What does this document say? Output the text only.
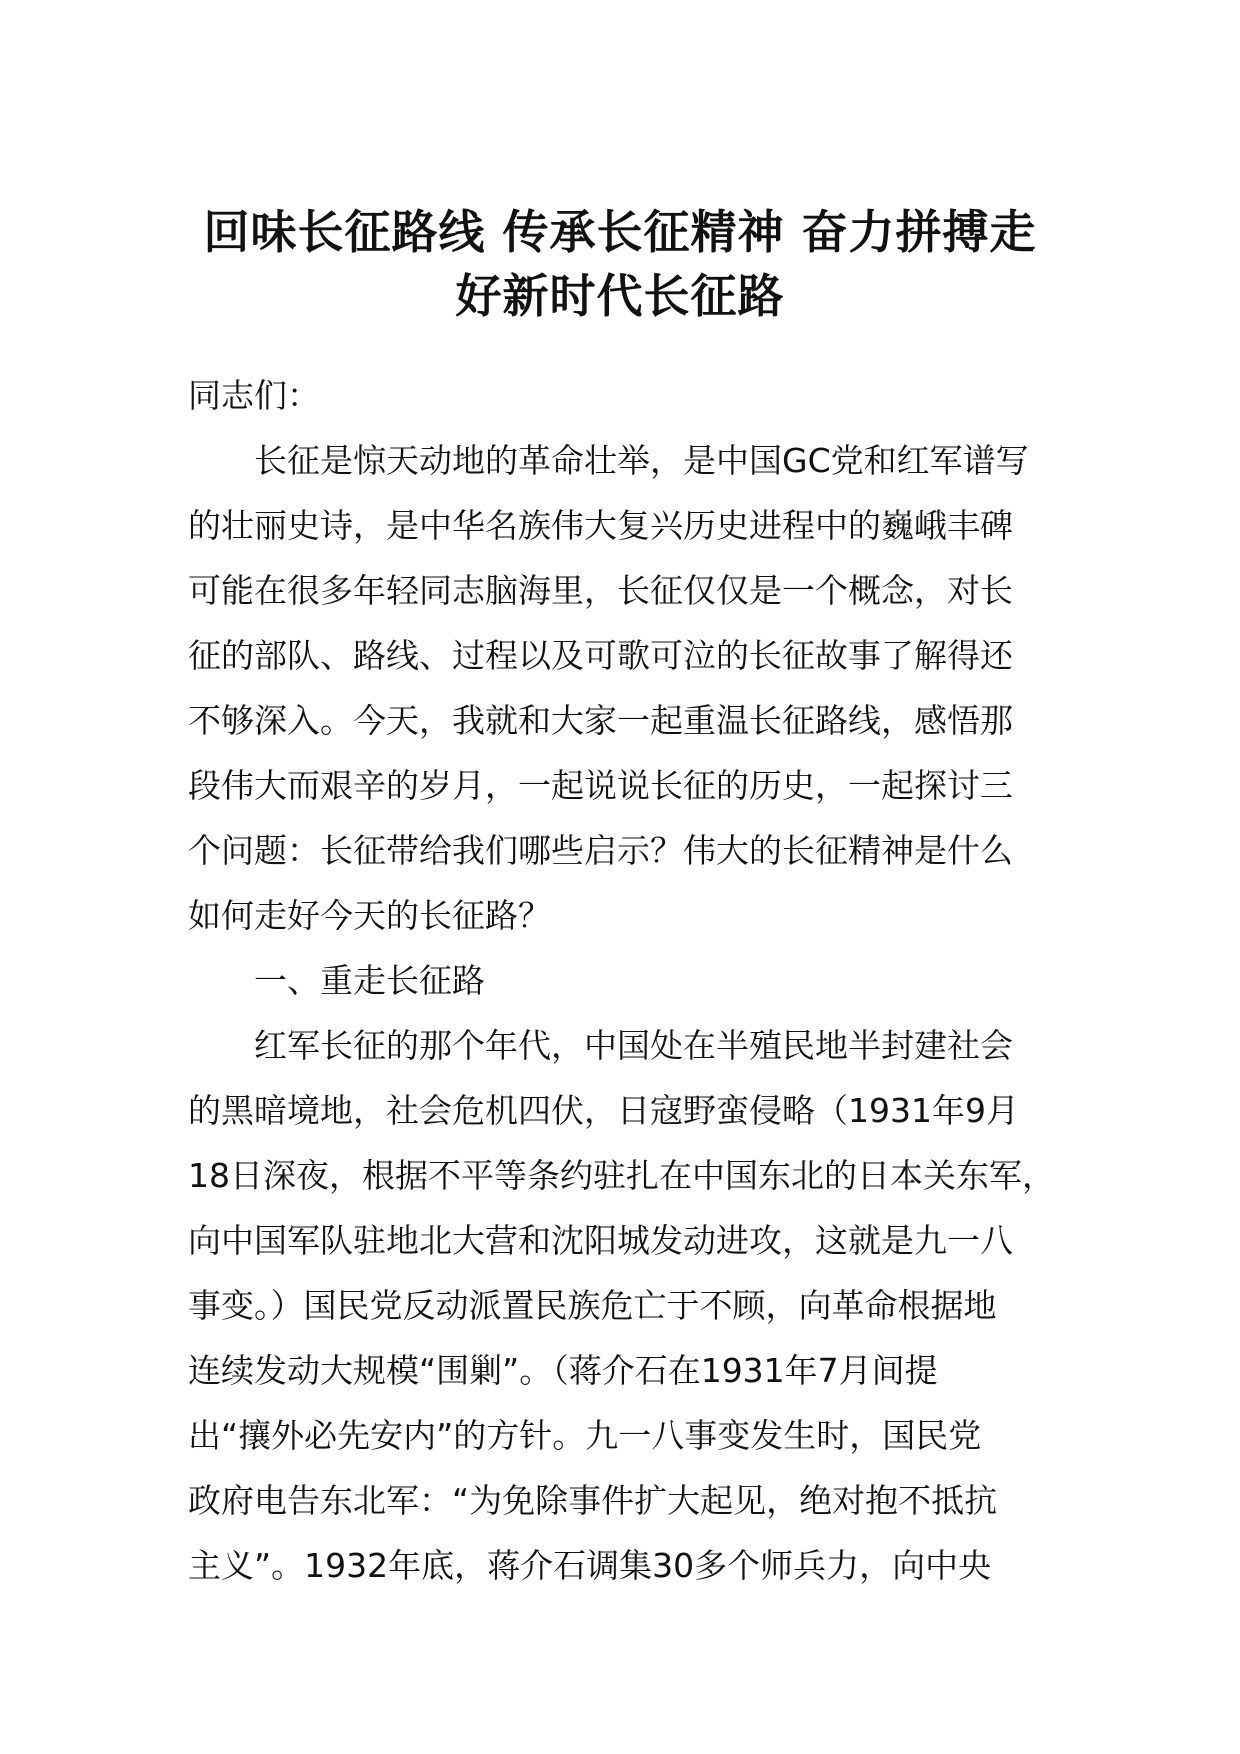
回味长征路线 传承长征精神 奋力拼搏走
好新时代长征路
同志们：
　　长征是惊天动地的革命壮举，是中国GC党和红军谱写
的壮丽史诗，是中华名族伟大复兴历史进程中的巍峨丰碑
可能在很多年轻同志脑海里，长征仅仅是一个概念，对长
征的部队、路线、过程以及可歌可泣的长征故事了解得还
不够深入。今天，我就和大家一起重温长征路线，感悟那
段伟大而艰辛的岁月，一起说说长征的历史，一起探讨三
个问题：长征带给我们哪些启示？伟大的长征精神是什么
如何走好今天的长征路？
　　一、重走长征路
　　红军长征的那个年代，中国处在半殖民地半封建社会
的黑暗境地，社会危机四伏，日寇野蛮侵略（1931年9月
18日深夜，根据不平等条约驻扎在中国东北的日本关东军，
向中国军队驻地北大营和沈阳城发动进攻，这就是九一八
事变。）国民党反动派置民族危亡于不顾，向革命根据地
连续发动大规模“围剿”。（蒋介石在1931年7月间提
出“攘外必先安内”的方针。九一八事变发生时，国民党
政府电告东北军：“为免除事件扩大起见，绝对抱不抵抗
主义”。1932年底，蒋介石调集30多个师兵力，向中央
